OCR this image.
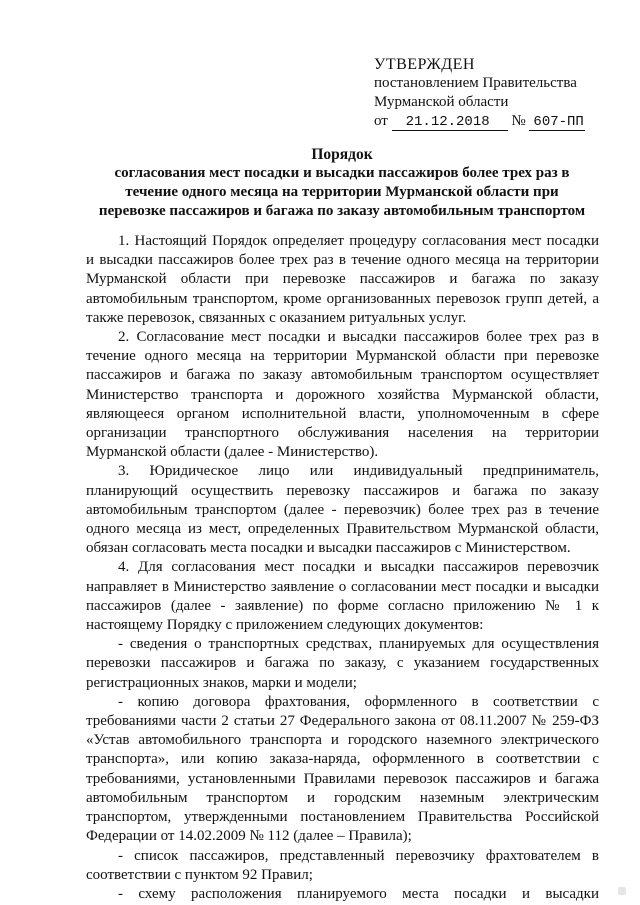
УТВЕРЖДЕН
постановлением Правительства
Мурманской области
от 21.12.2018 № 607-ПП
Порядок
согласования мест посадки и высадки пассажиров более трех раз в
течение одного месяца на территории Мурманской области при
перевозке пассажиров и багажа по заказу автомобильным транспортом

1. Настоящий Порядок определяет процедуру согласования мест посадки и высадки пассажиров более трех раз в течение одного месяца на территории Мурманской области при перевозке пассажиров и багажа по заказу автомобильным транспортом, кроме организованных перевозок групп детей, а также перевозок, связанных с оказанием ритуальных услуг.

2. Согласование мест посадки и высадки пассажиров более трех раз в течение одного месяца на территории Мурманской области при перевозке пассажиров и багажа по заказу автомобильным транспортом осуществляет Министерство транспорта и дорожного хозяйства Мурманской области, являющееся органом исполнительной власти, уполномоченным в сфере организации транспортного обслуживания населения на территории Мурманской области (далее - Министерство).

3. Юридическое лицо или индивидуальный предприниматель, планирующий осуществить перевозку пассажиров и багажа по заказу автомобильным транспортом (далее - перевозчик) более трех раз в течение одного месяца из мест, определенных Правительством Мурманской области, обязан согласовать места посадки и высадки пассажиров с Министерством.

4. Для согласования мест посадки и высадки пассажиров перевозчик направляет в Министерство заявление о согласовании мест посадки и высадки пассажиров (далее - заявление) по форме согласно приложению № 1 к настоящему Порядку с приложением следующих документов:

- сведения о транспортных средствах, планируемых для осуществления перевозки пассажиров и багажа по заказу, с указанием государственных регистрационных знаков, марки и модели;

- копию договора фрахтования, оформленного в соответствии с требованиями части 2 статьи 27 Федерального закона от 08.11.2007 № 259-ФЗ «Устав автомобильного транспорта и городского наземного электрического транспорта», или копию заказа-наряда, оформленного в соответствии с требованиями, установленными Правилами перевозок пассажиров и багажа автомобильным транспортом и городским наземным электрическим транспортом, утвержденными постановлением Правительства Российской Федерации от 14.02.2009 № 112 (далее – Правила);

- список пассажиров, представленный перевозчику фрахтователем в соответствии с пунктом 92 Правил;

- схему расположения планируемого места посадки и высадки
